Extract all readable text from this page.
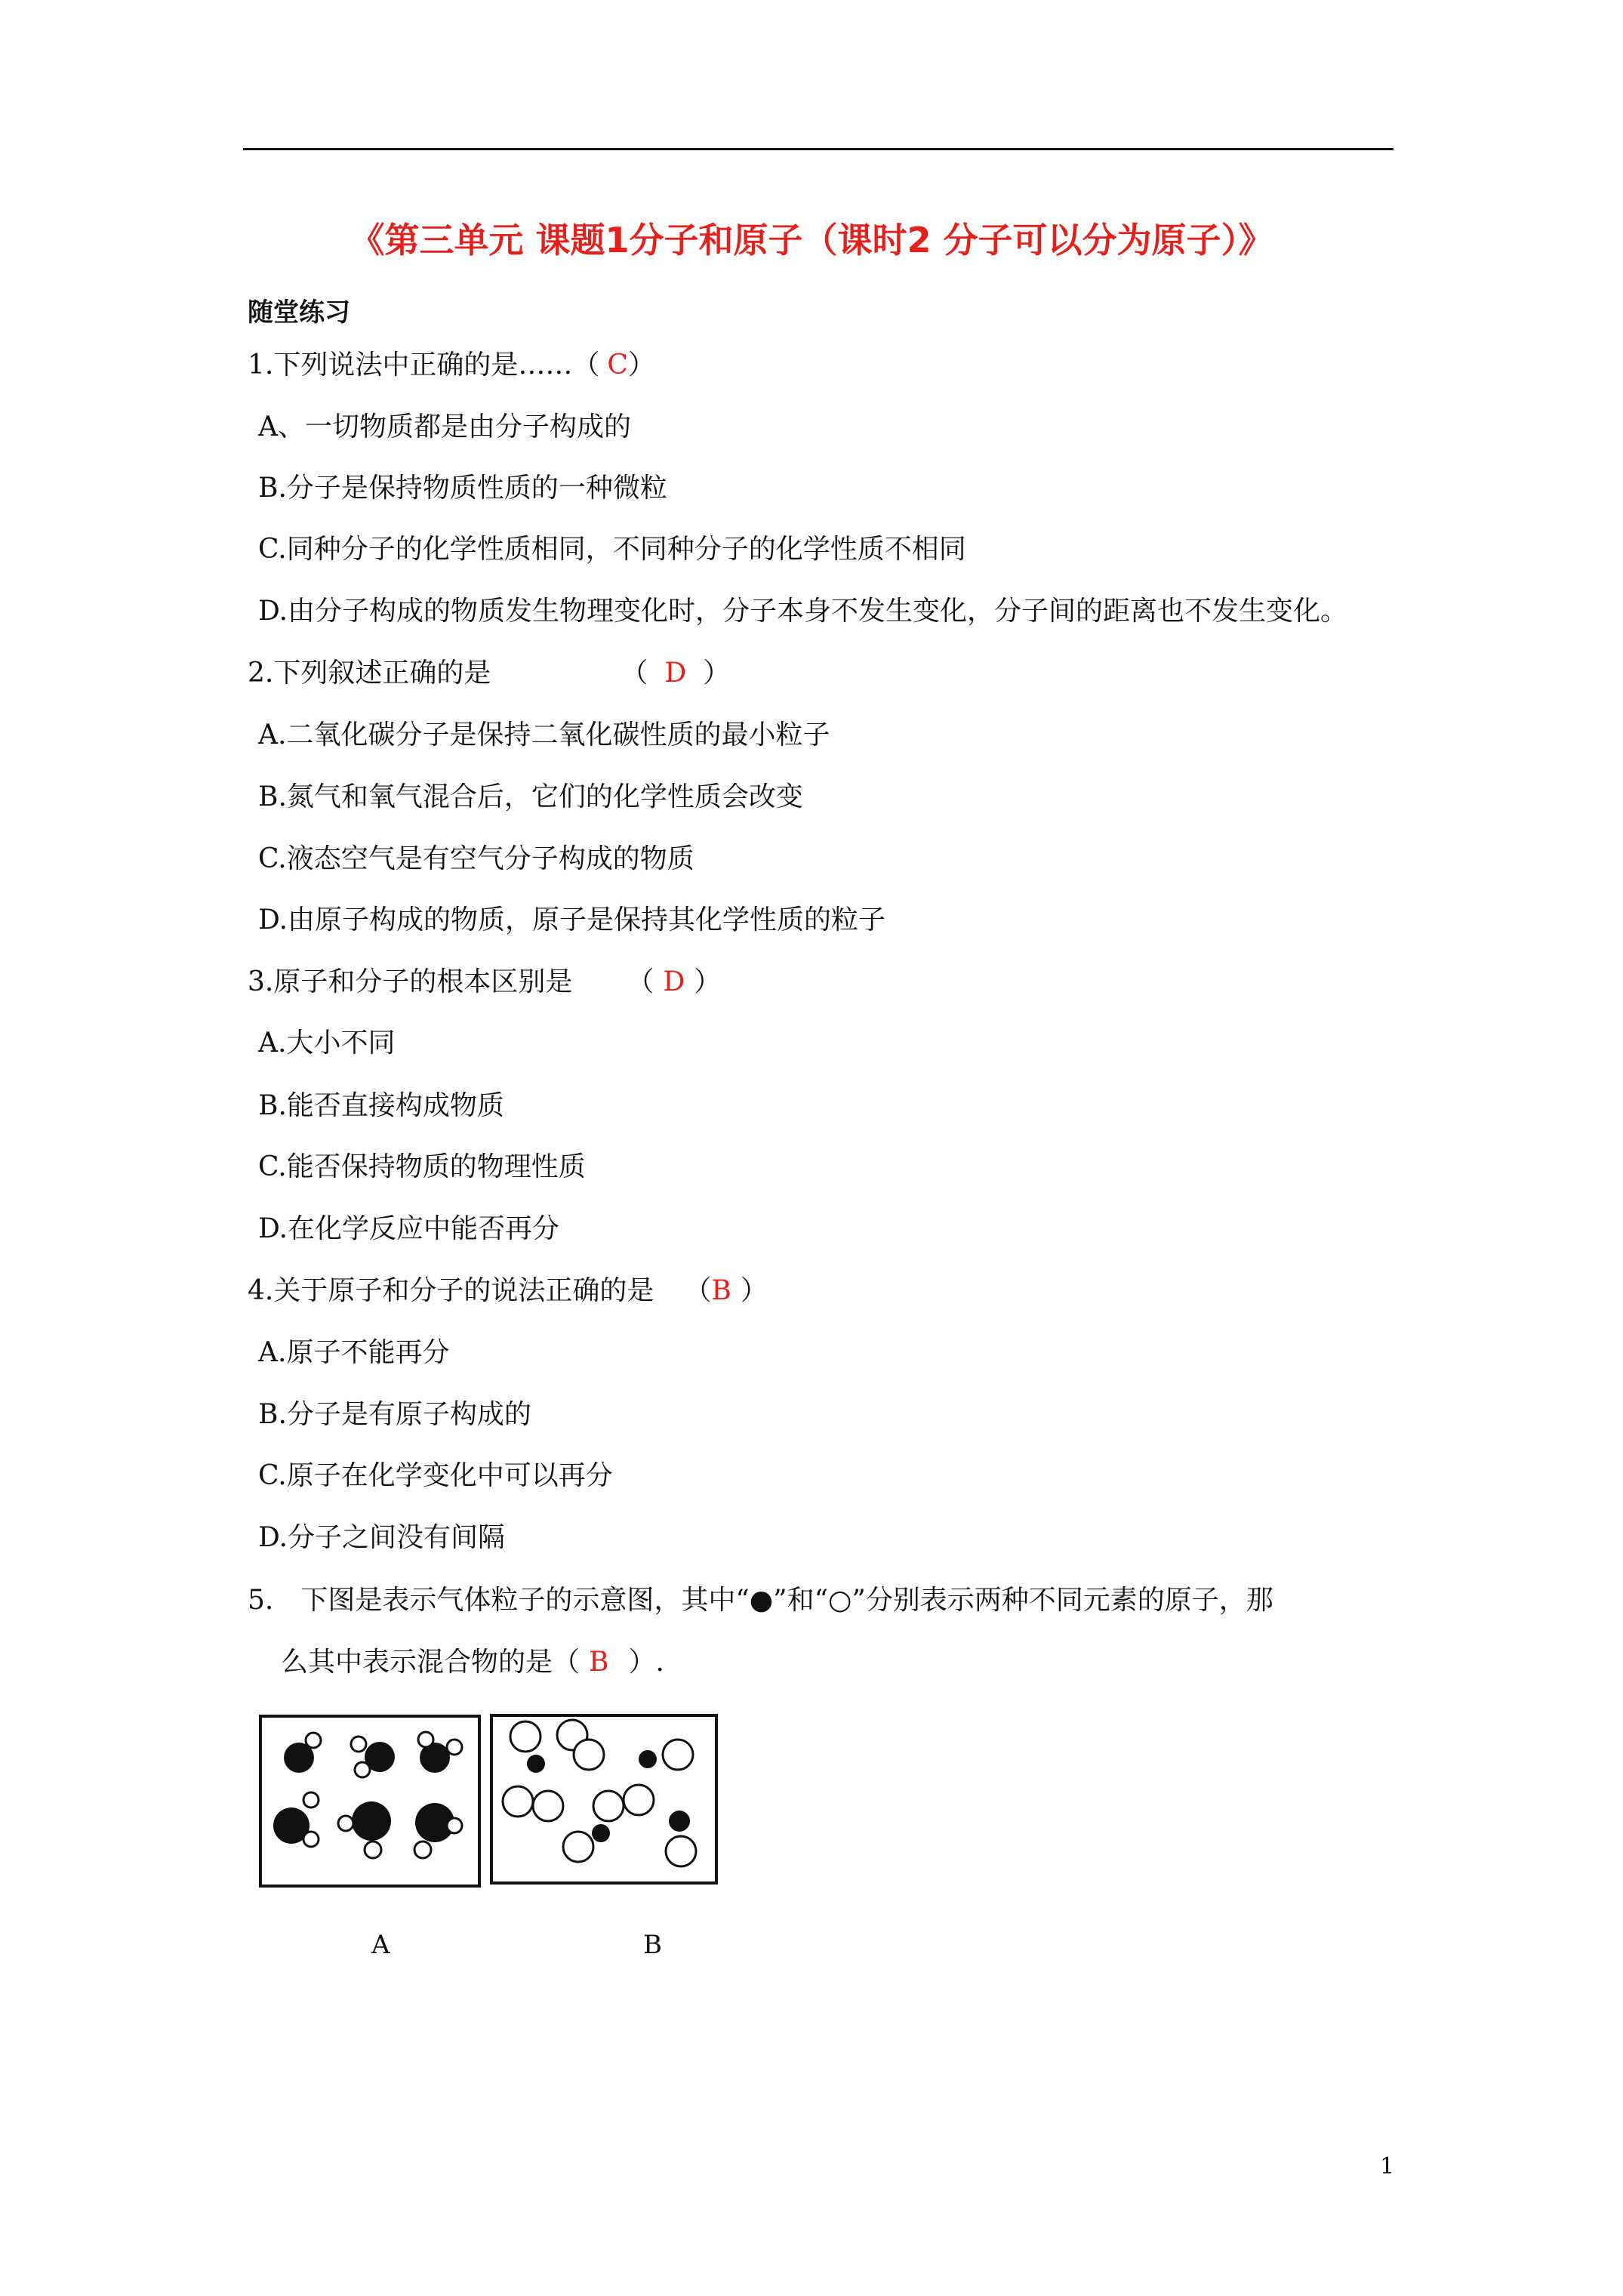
《第三单元 课题1分子和原子（课时2 分子可以分为原子）》
随堂练习
1.下列说法中正确的是……（ C）
A、一切物质都是由分子构成的
B.分子是保持物质性质的一种微粒
C.同种分子的化学性质相同，不同种分子的化学性质不相同
D.由分子构成的物质发生物理变化时，分子本身不发生变化，分子间的距离也不发生变化。
2.下列叙述正确的是	（ D ）
A.二氧化碳分子是保持二氧化碳性质的最小粒子
B.氮气和氧气混合后，它们的化学性质会改变
C.液态空气是有空气分子构成的物质
D.由原子构成的物质，原子是保持其化学性质的粒子
3.原子和分子的根本区别是 （ D ）
A.大小不同
B.能否直接构成物质
C.能否保持物质的物理性质
D.在化学反应中能否再分
4.关于原子和分子的说法正确的是 （B ）
A.原子不能再分
B.分子是有原子构成的
C.原子在化学变化中可以再分
D.分子之间没有间隔
5.　下图是表示气体粒子的示意图，其中“●”和“○”分别表示两种不同元素的原子，那
么其中表示混合物的是（ B ）.
A	B
1
